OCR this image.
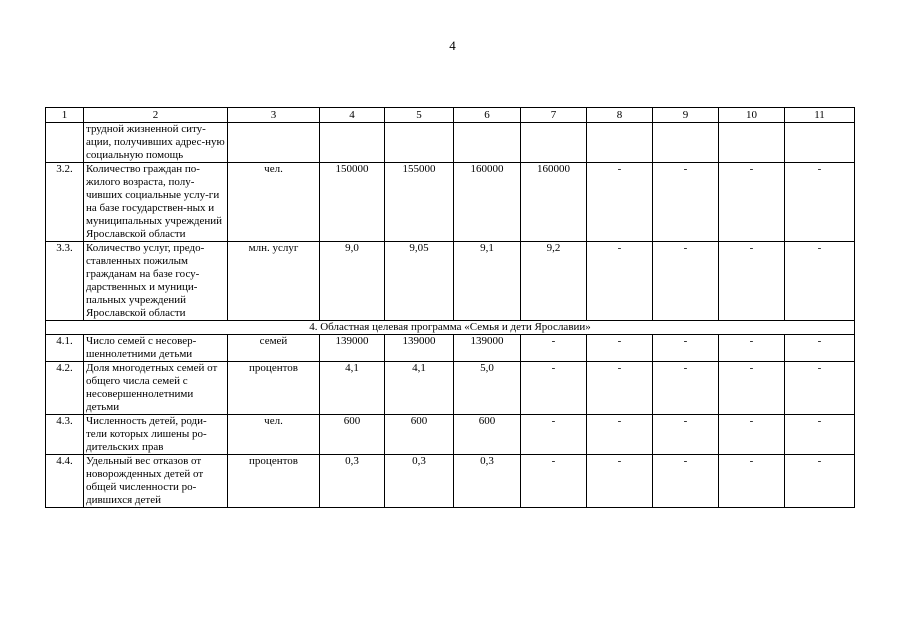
4
1	2	3	4	5	6	7	8	9	10	11
	трудной жизненной ситу-ации, получивших адрес-ную социальную помощь									
3.2.	Количество граждан по-жилого возраста, полу-чивших социальные услу-ги на базе государствен-ных и муниципальных учреждений Ярославской области	чел.	150000	155000	160000	160000	-	-	-	-
3.3.	Количество услуг, предо-ставленных пожилым гражданам на базе госу-дарственных и муници-пальных учреждений Ярославской области	млн. услуг	9,0	9,05	9,1	9,2	-	-	-	-
4. Областная целевая программа «Семья и дети Ярославии»										
4.1.	Число семей с несовер-шеннолетними детьми	семей	139000	139000	139000	-	-	-	-	-
4.2.	Доля многодетных семей от общего числа семей с несовершеннолетними детьми	процентов	4,1	4,1	5,0	-	-	-	-	-
4.3.	Численность детей, роди-тели которых лишены ро-дительских прав	чел.	600	600	600	-	-	-	-	-
4.4.	Удельный вес отказов от новорожденных детей от общей численности ро-дившихся детей	процентов	0,3	0,3	0,3	-	-	-	-	-
